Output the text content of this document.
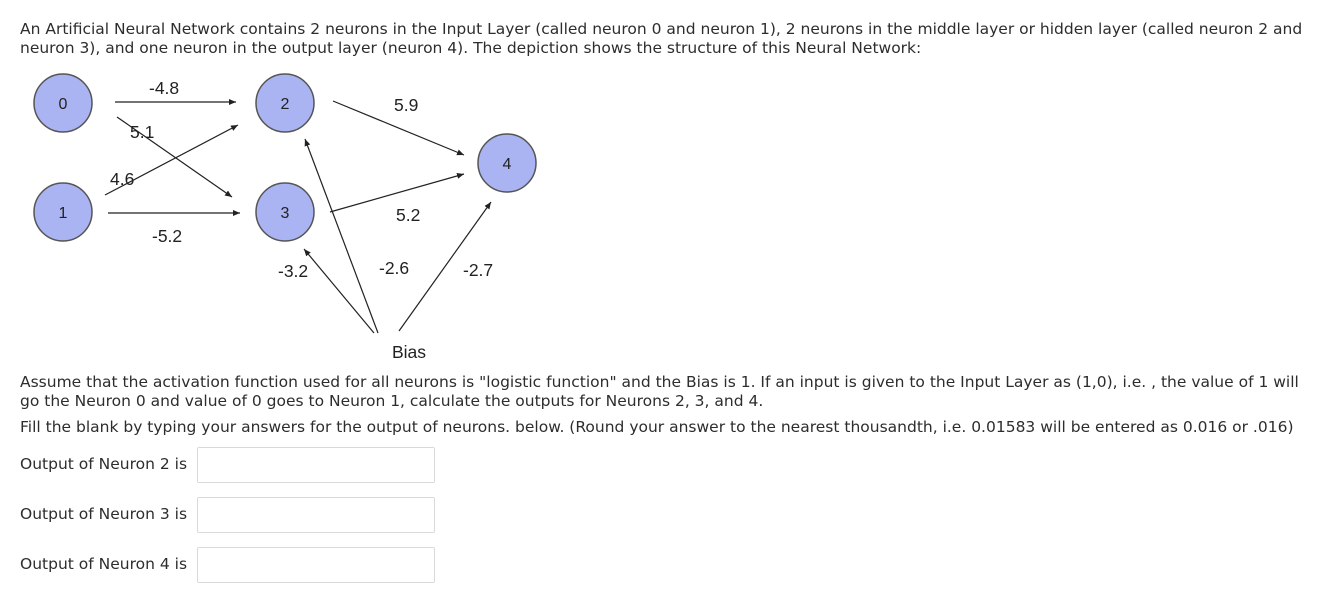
An Artificial Neural Network contains 2 neurons in the Input Layer (called neuron 0 and neuron 1), 2 neurons in the middle layer or hidden layer (called neuron 2 and neuron 3), and one neuron in the output layer (neuron 4). The depiction shows the structure of this Neural Network:

0
1
2
3
4
-4.8
5.1
4.6
-5.2
5.9
5.2
-3.2	-2.6	-2.7
Bias

Assume that the activation function used for all neurons is "logistic function" and the Bias is 1. If an input is given to the Input Layer as (1,0), i.e. , the value of 1 will go the Neuron 0 and value of 0 goes to Neuron 1, calculate the outputs for Neurons 2, 3, and 4.

Fill the blank by typing your answers for the output of neurons. below. (Round your answer to the nearest thousandth, i.e. 0.01583 will be entered as 0.016 or .016)

Output of Neuron 2 is
Output of Neuron 3 is
Output of Neuron 4 is
